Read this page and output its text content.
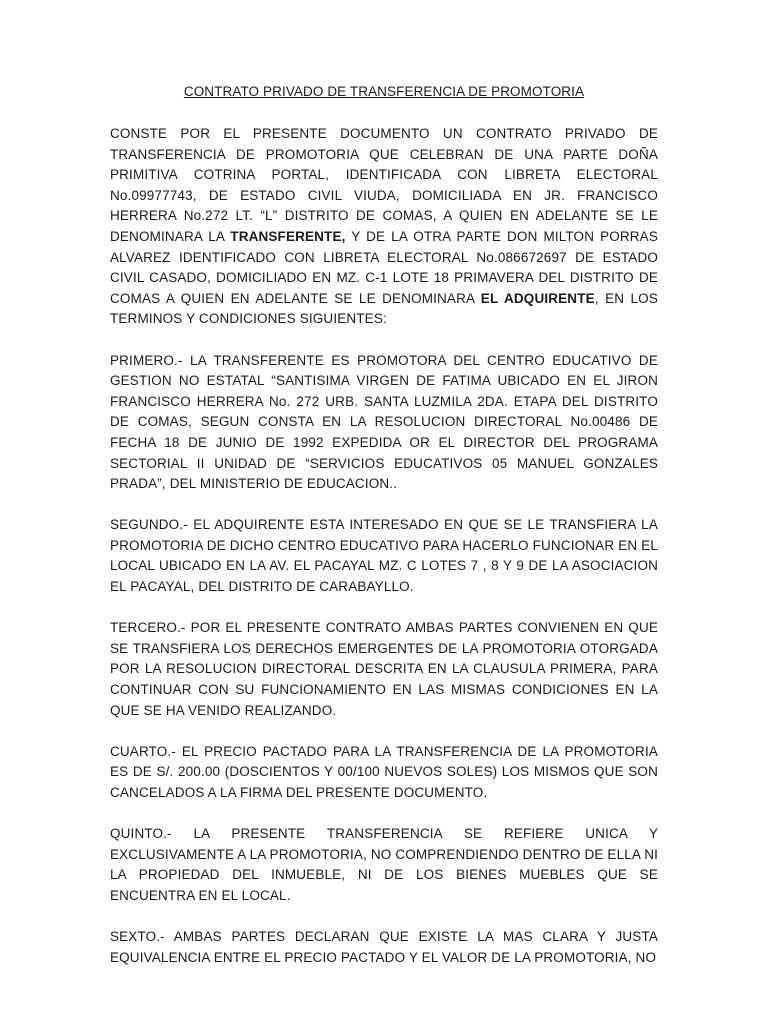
CONTRATO PRIVADO DE TRANSFERENCIA DE PROMOTORIA

CONSTE POR EL PRESENTE DOCUMENTO UN CONTRATO PRIVADO DE TRANSFERENCIA DE PROMOTORIA QUE CELEBRAN DE UNA PARTE DOÑA PRIMITIVA COTRINA PORTAL, IDENTIFICADA CON LIBRETA ELECTORAL No.09977743, DE ESTADO CIVIL VIUDA, DOMICILIADA EN JR. FRANCISCO HERRERA No.272 LT. “L” DISTRITO DE COMAS, A QUIEN EN ADELANTE SE LE DENOMINARA LA TRANSFERENTE, Y DE LA OTRA PARTE DON MILTON PORRAS ALVAREZ IDENTIFICADO CON LIBRETA ELECTORAL No.086672697 DE ESTADO CIVIL CASADO, DOMICILIADO EN MZ. C-1 LOTE 18 PRIMAVERA DEL DISTRITO DE COMAS A QUIEN EN ADELANTE SE LE DENOMINARA EL ADQUIRENTE, EN LOS TERMINOS Y CONDICIONES SIGUIENTES:

PRIMERO.- LA TRANSFERENTE ES PROMOTORA DEL CENTRO EDUCATIVO DE GESTION NO ESTATAL “SANTISIMA VIRGEN DE FATIMA UBICADO EN EL JIRON FRANCISCO HERRERA No. 272 URB. SANTA LUZMILA 2DA. ETAPA DEL DISTRITO DE COMAS, SEGUN CONSTA EN LA RESOLUCION DIRECTORAL No.00486 DE FECHA 18 DE JUNIO DE 1992 EXPEDIDA OR EL DIRECTOR DEL PROGRAMA SECTORIAL II UNIDAD DE “SERVICIOS EDUCATIVOS 05 MANUEL GONZALES PRADA”, DEL MINISTERIO DE EDUCACION..

SEGUNDO.- EL ADQUIRENTE ESTA INTERESADO EN QUE SE LE TRANSFIERA LA PROMOTORIA DE DICHO CENTRO EDUCATIVO PARA HACERLO FUNCIONAR EN EL LOCAL UBICADO EN LA AV. EL PACAYAL MZ. C LOTES 7 , 8 Y 9 DE LA ASOCIACION EL PACAYAL, DEL DISTRITO DE CARABAYLLO.

TERCERO.- POR EL PRESENTE CONTRATO AMBAS PARTES CONVIENEN EN QUE SE TRANSFIERA LOS DERECHOS EMERGENTES DE LA PROMOTORIA OTORGADA POR LA RESOLUCION DIRECTORAL DESCRITA EN LA CLAUSULA PRIMERA, PARA CONTINUAR CON SU FUNCIONAMIENTO EN LAS MISMAS CONDICIONES EN LA QUE SE HA VENIDO REALIZANDO.

CUARTO.- EL PRECIO PACTADO PARA LA TRANSFERENCIA DE LA PROMOTORIA ES DE S/. 200.00 (DOSCIENTOS Y 00/100 NUEVOS SOLES) LOS MISMOS QUE SON CANCELADOS A LA FIRMA DEL PRESENTE DOCUMENTO.

QUINTO.- LA PRESENTE TRANSFERENCIA SE REFIERE UNICA Y EXCLUSIVAMENTE A LA PROMOTORIA, NO COMPRENDIENDO DENTRO DE ELLA NI LA PROPIEDAD DEL INMUEBLE, NI DE LOS BIENES MUEBLES QUE SE ENCUENTRA EN EL LOCAL.

SEXTO.- AMBAS PARTES DECLARAN QUE EXISTE LA MAS CLARA Y JUSTA EQUIVALENCIA ENTRE EL PRECIO PACTADO Y EL VALOR DE LA PROMOTORIA, NO
